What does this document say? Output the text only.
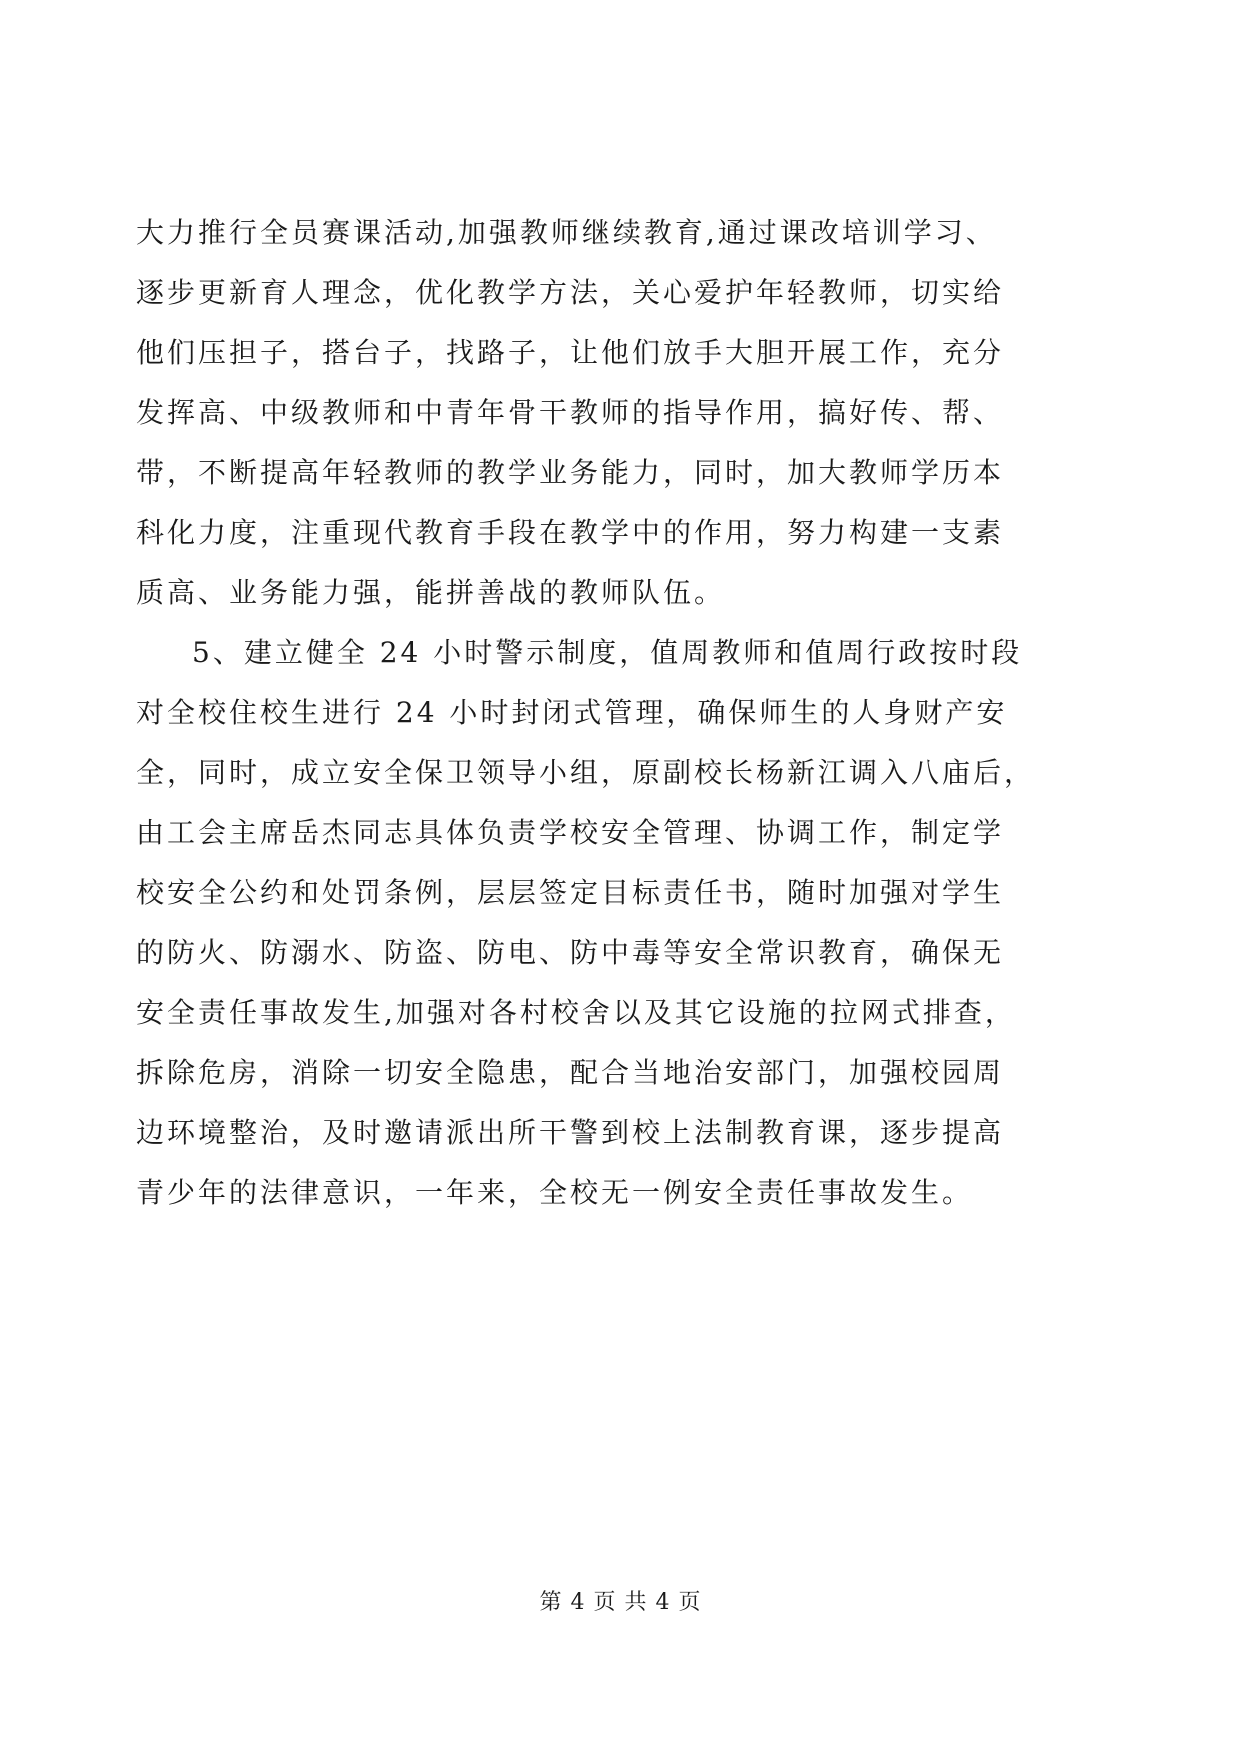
大力推行全员赛课活动,加强教师继续教育,通过课改培训学习、
逐步更新育人理念，优化教学方法，关心爱护年轻教师，切实给
他们压担子，搭台子，找路子，让他们放手大胆开展工作，充分
发挥高、中级教师和中青年骨干教师的指导作用，搞好传、帮、
带，不断提高年轻教师的教学业务能力，同时，加大教师学历本
科化力度，注重现代教育手段在教学中的作用，努力构建一支素
质高、业务能力强，能拼善战的教师队伍。
5、建立健全 24 小时警示制度，值周教师和值周行政按时段
对全校住校生进行 24 小时封闭式管理，确保师生的人身财产安
全，同时，成立安全保卫领导小组，原副校长杨新江调入八庙后，
由工会主席岳杰同志具体负责学校安全管理、协调工作，制定学
校安全公约和处罚条例，层层签定目标责任书，随时加强对学生
的防火、防溺水、防盗、防电、防中毒等安全常识教育，确保无
安全责任事故发生,加强对各村校舍以及其它设施的拉网式排查，
拆除危房，消除一切安全隐患，配合当地治安部门，加强校园周
边环境整治，及时邀请派出所干警到校上法制教育课，逐步提高
青少年的法律意识，一年来，全校无一例安全责任事故发生。
第 4 页 共 4 页
